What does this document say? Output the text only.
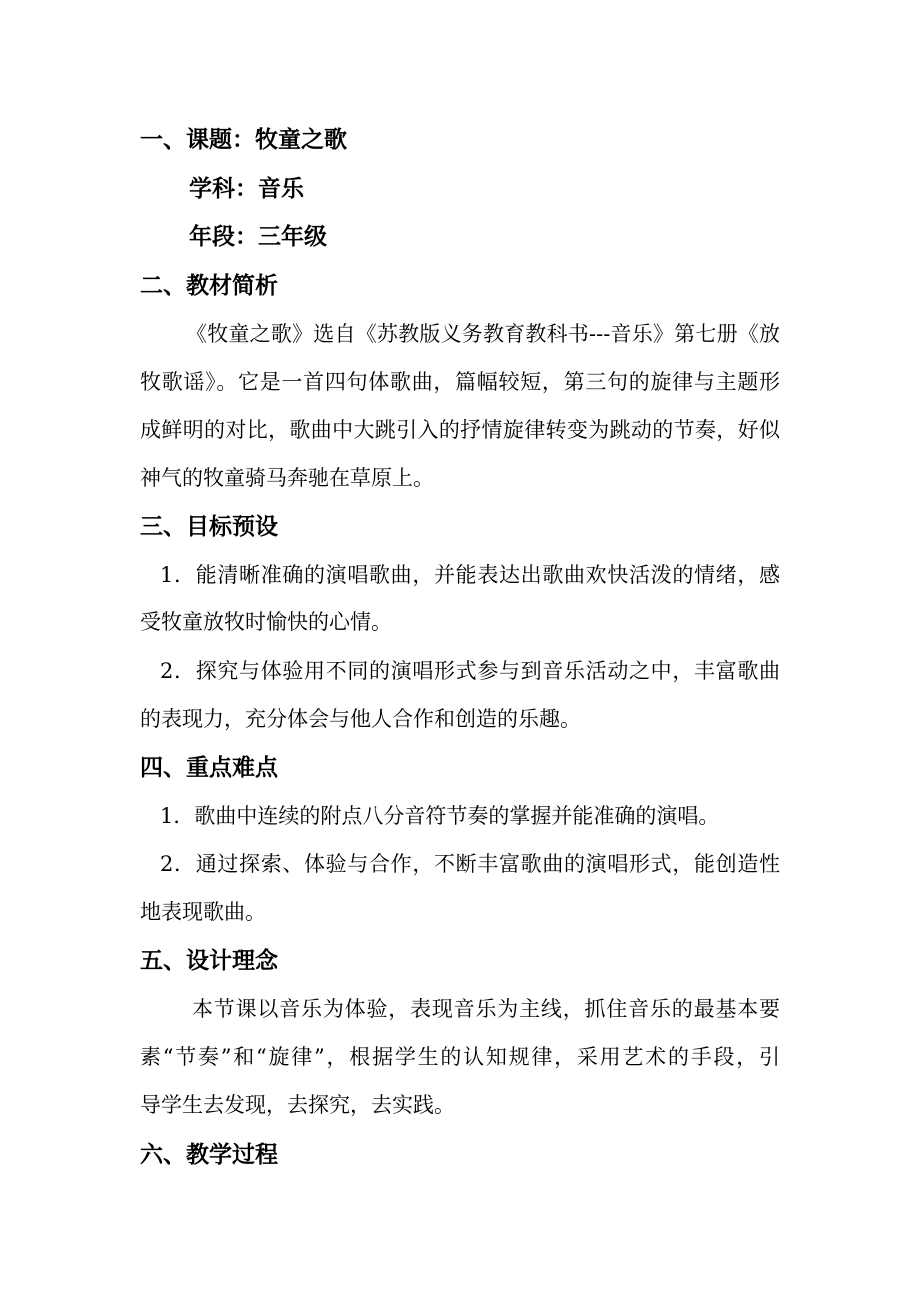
一、课题：牧童之歌
学科：音乐
年段：三年级
二、教材简析
《牧童之歌》选自《苏教版义务教育教科书---音乐》第七册《放
牧歌谣》。它是一首四句体歌曲，篇幅较短，第三句的旋律与主题形
成鲜明的对比，歌曲中大跳引入的抒情旋律转变为跳动的节奏，好似
神气的牧童骑马奔驰在草原上。
三、目标预设
1．能清晰准确的演唱歌曲，并能表达出歌曲欢快活泼的情绪，感
受牧童放牧时愉快的心情。
2．探究与体验用不同的演唱形式参与到音乐活动之中，丰富歌曲
的表现力，充分体会与他人合作和创造的乐趣。
四、重点难点
1．歌曲中连续的附点八分音符节奏的掌握并能准确的演唱。
2．通过探索、体验与合作，不断丰富歌曲的演唱形式，能创造性
地表现歌曲。
五、设计理念
本节课以音乐为体验，表现音乐为主线，抓住音乐的最基本要
素“节奏”和“旋律”，根据学生的认知规律，采用艺术的手段，引
导学生去发现，去探究，去实践。
六、教学过程
